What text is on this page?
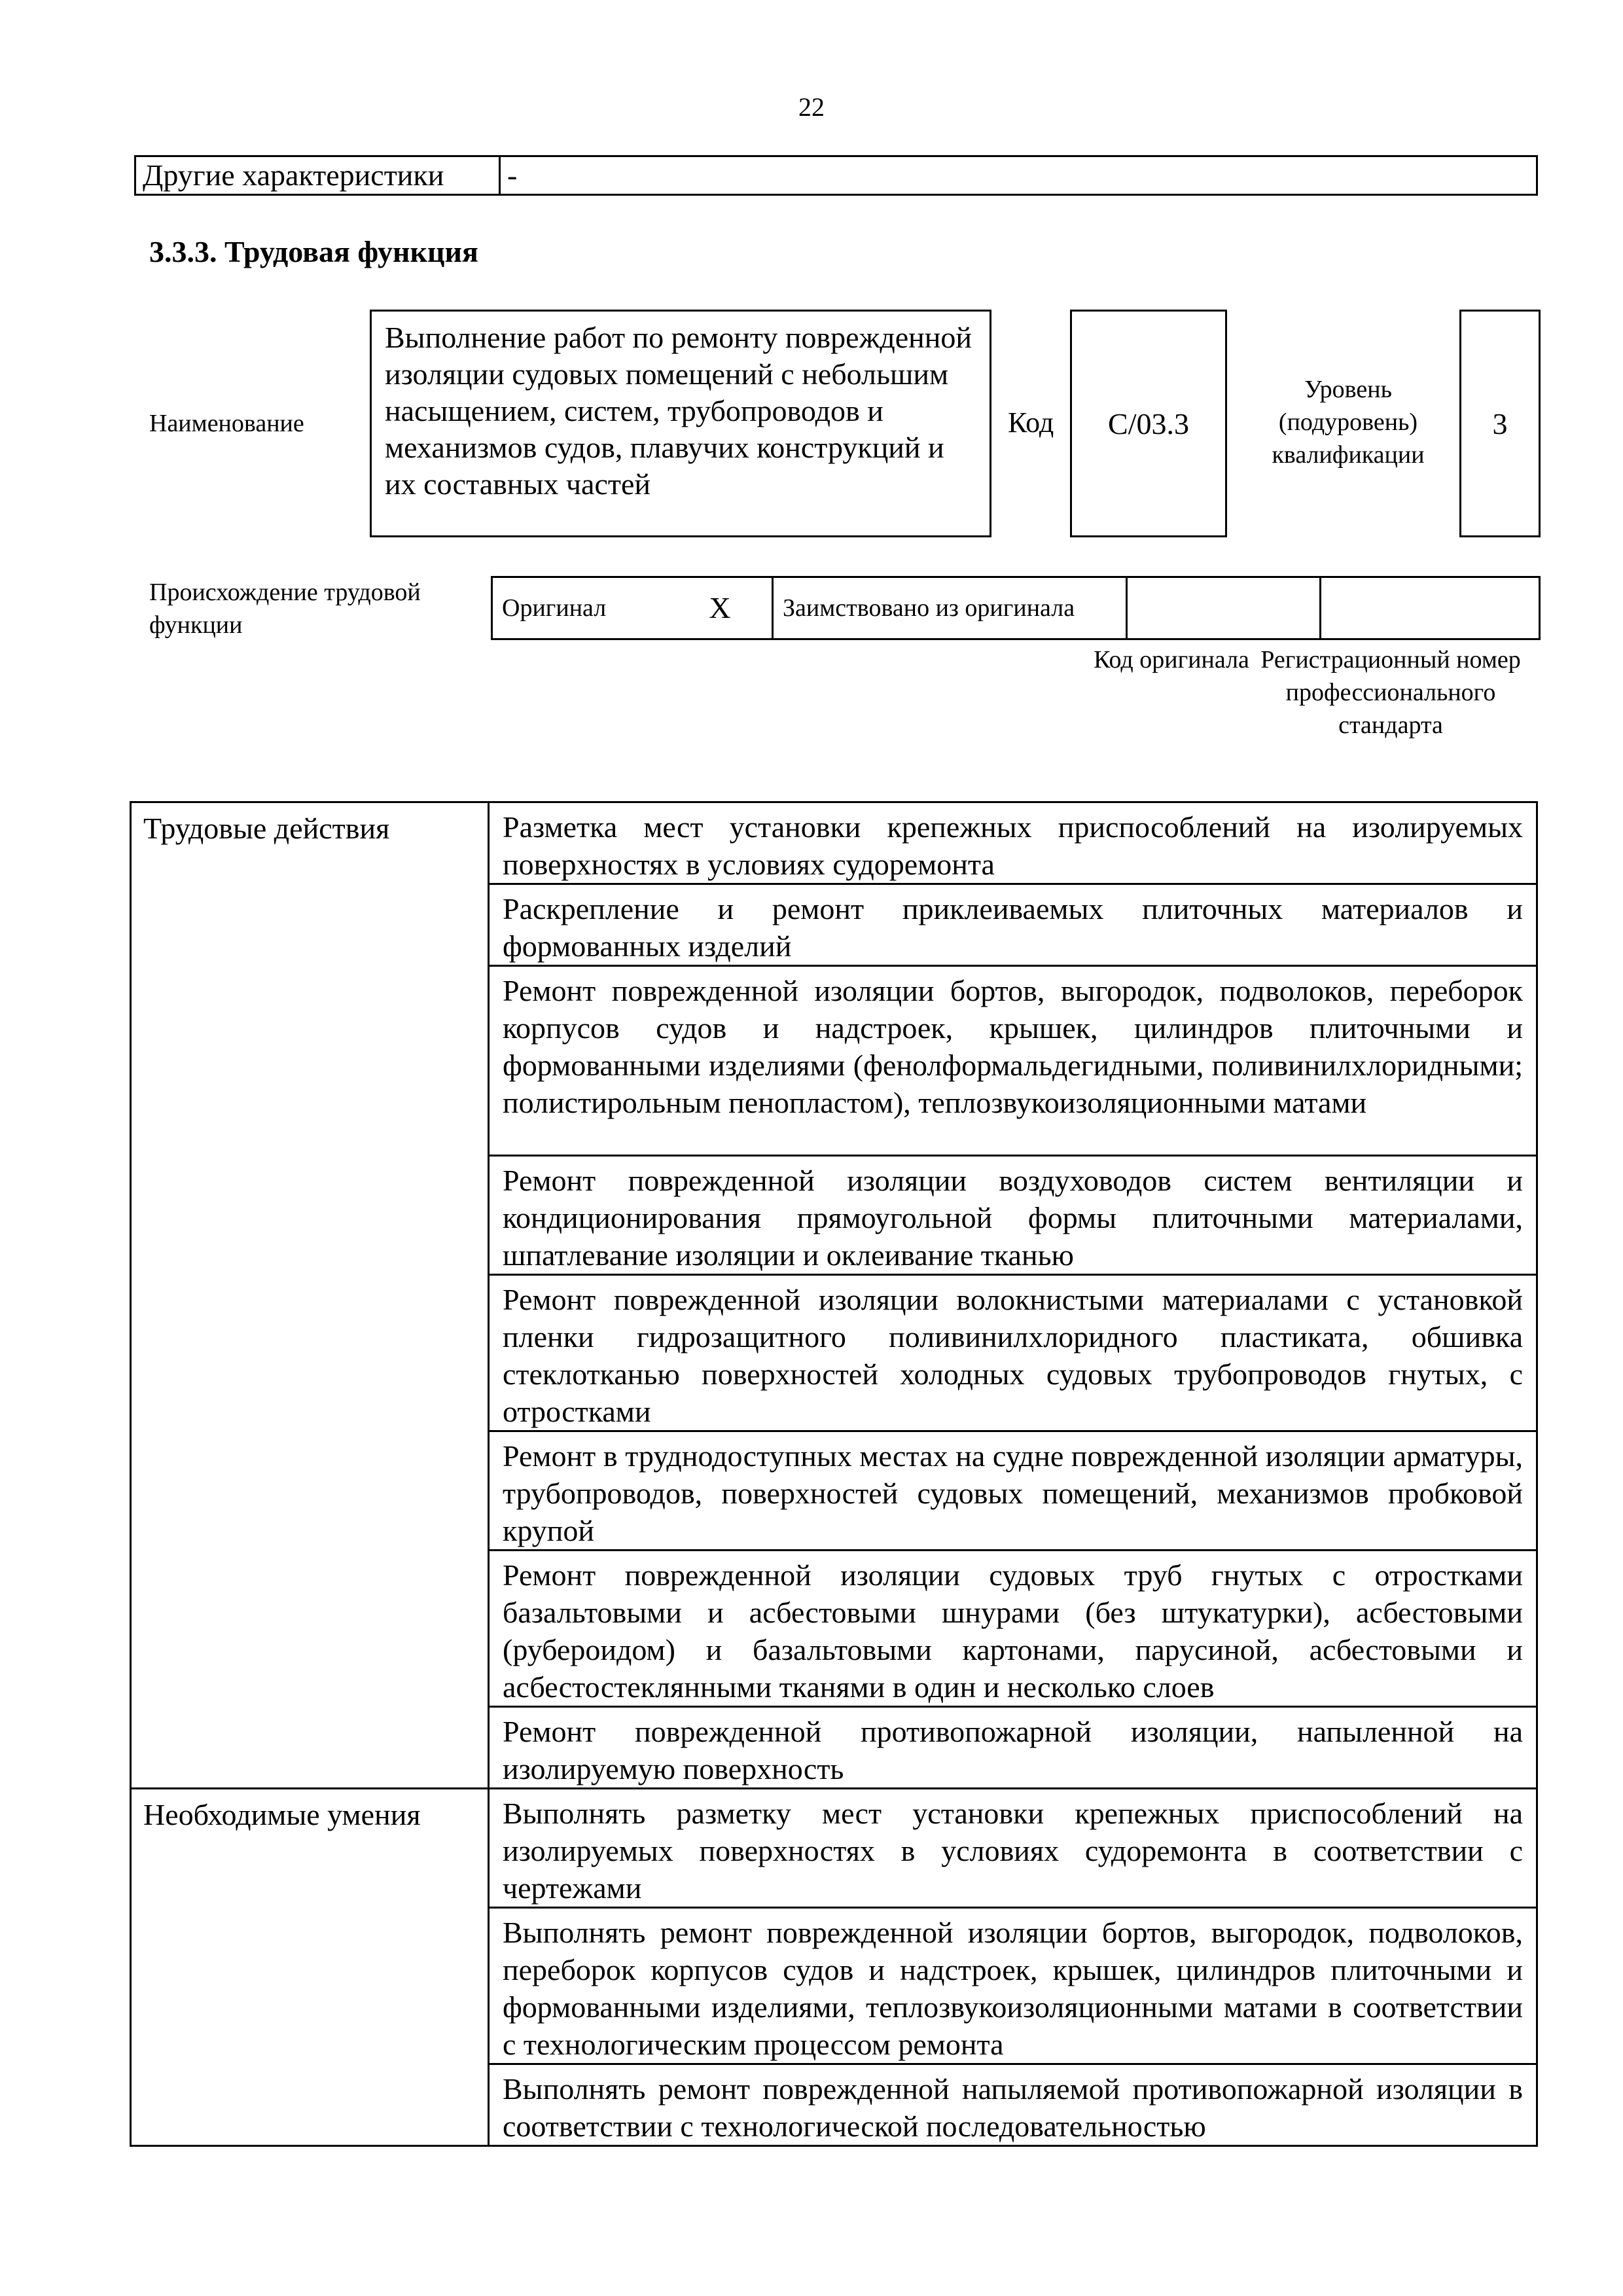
22
Другие характеристики	-
3.3.3. Трудовая функция
Наименование
Выполнение работ по ремонту поврежденной изоляции судовых помещений с небольшим насыщением, систем, трубопроводов и механизмов судов, плавучих конструкций и их составных частей
Код C/03.3
Уровень (подуровень) квалификации
3
Происхождение трудовой функции
Оригинал	X	Заимствовано из оригинала		
Код оригинала Регистрационный номер профессионального стандарта
Трудовые действия	Разметка мест установки крепежных приспособлений на изолируемых поверхностях в условиях судоремонта
	Раскрепление и ремонт приклеиваемых плиточных материалов и формованных изделий
	Ремонт поврежденной изоляции бортов, выгородок, подволоков, переборок корпусов судов и надстроек, крышек, цилиндров плиточными и формованными изделиями (фенолформальдегидными, поливинилхлоридными; полистирольным пенопластом), теплозвукоизоляционными матами
	Ремонт поврежденной изоляции воздуховодов систем вентиляции и кондиционирования прямоугольной формы плиточными материалами, шпатлевание изоляции и оклеивание тканью
	Ремонт поврежденной изоляции волокнистыми материалами с установкой пленки гидрозащитного поливинилхлоридного пластиката, обшивка стеклотканью поверхностей холодных судовых трубопроводов гнутых, с отростками
	Ремонт в труднодоступных местах на судне поврежденной изоляции арматуры, трубопроводов, поверхностей судовых помещений, механизмов пробковой крупой
	Ремонт поврежденной изоляции судовых труб гнутых с отростками базальтовыми и асбестовыми шнурами (без штукатурки), асбестовыми (рубероидом) и базальтовыми картонами, парусиной, асбестовыми и асбестостеклянными тканями в один и несколько слоев
	Ремонт поврежденной противопожарной изоляции, напыленной на изолируемую поверхность
Необходимые умения	Выполнять разметку мест установки крепежных приспособлений на изолируемых поверхностях в условиях судоремонта в соответствии с чертежами
	Выполнять ремонт поврежденной изоляции бортов, выгородок, подволоков, переборок корпусов судов и надстроек, крышек, цилиндров плиточными и формованными изделиями, теплозвукоизоляционными матами в соответствии с технологическим процессом ремонта
	Выполнять ремонт поврежденной напыляемой противопожарной изоляции в соответствии с технологической последовательностью
